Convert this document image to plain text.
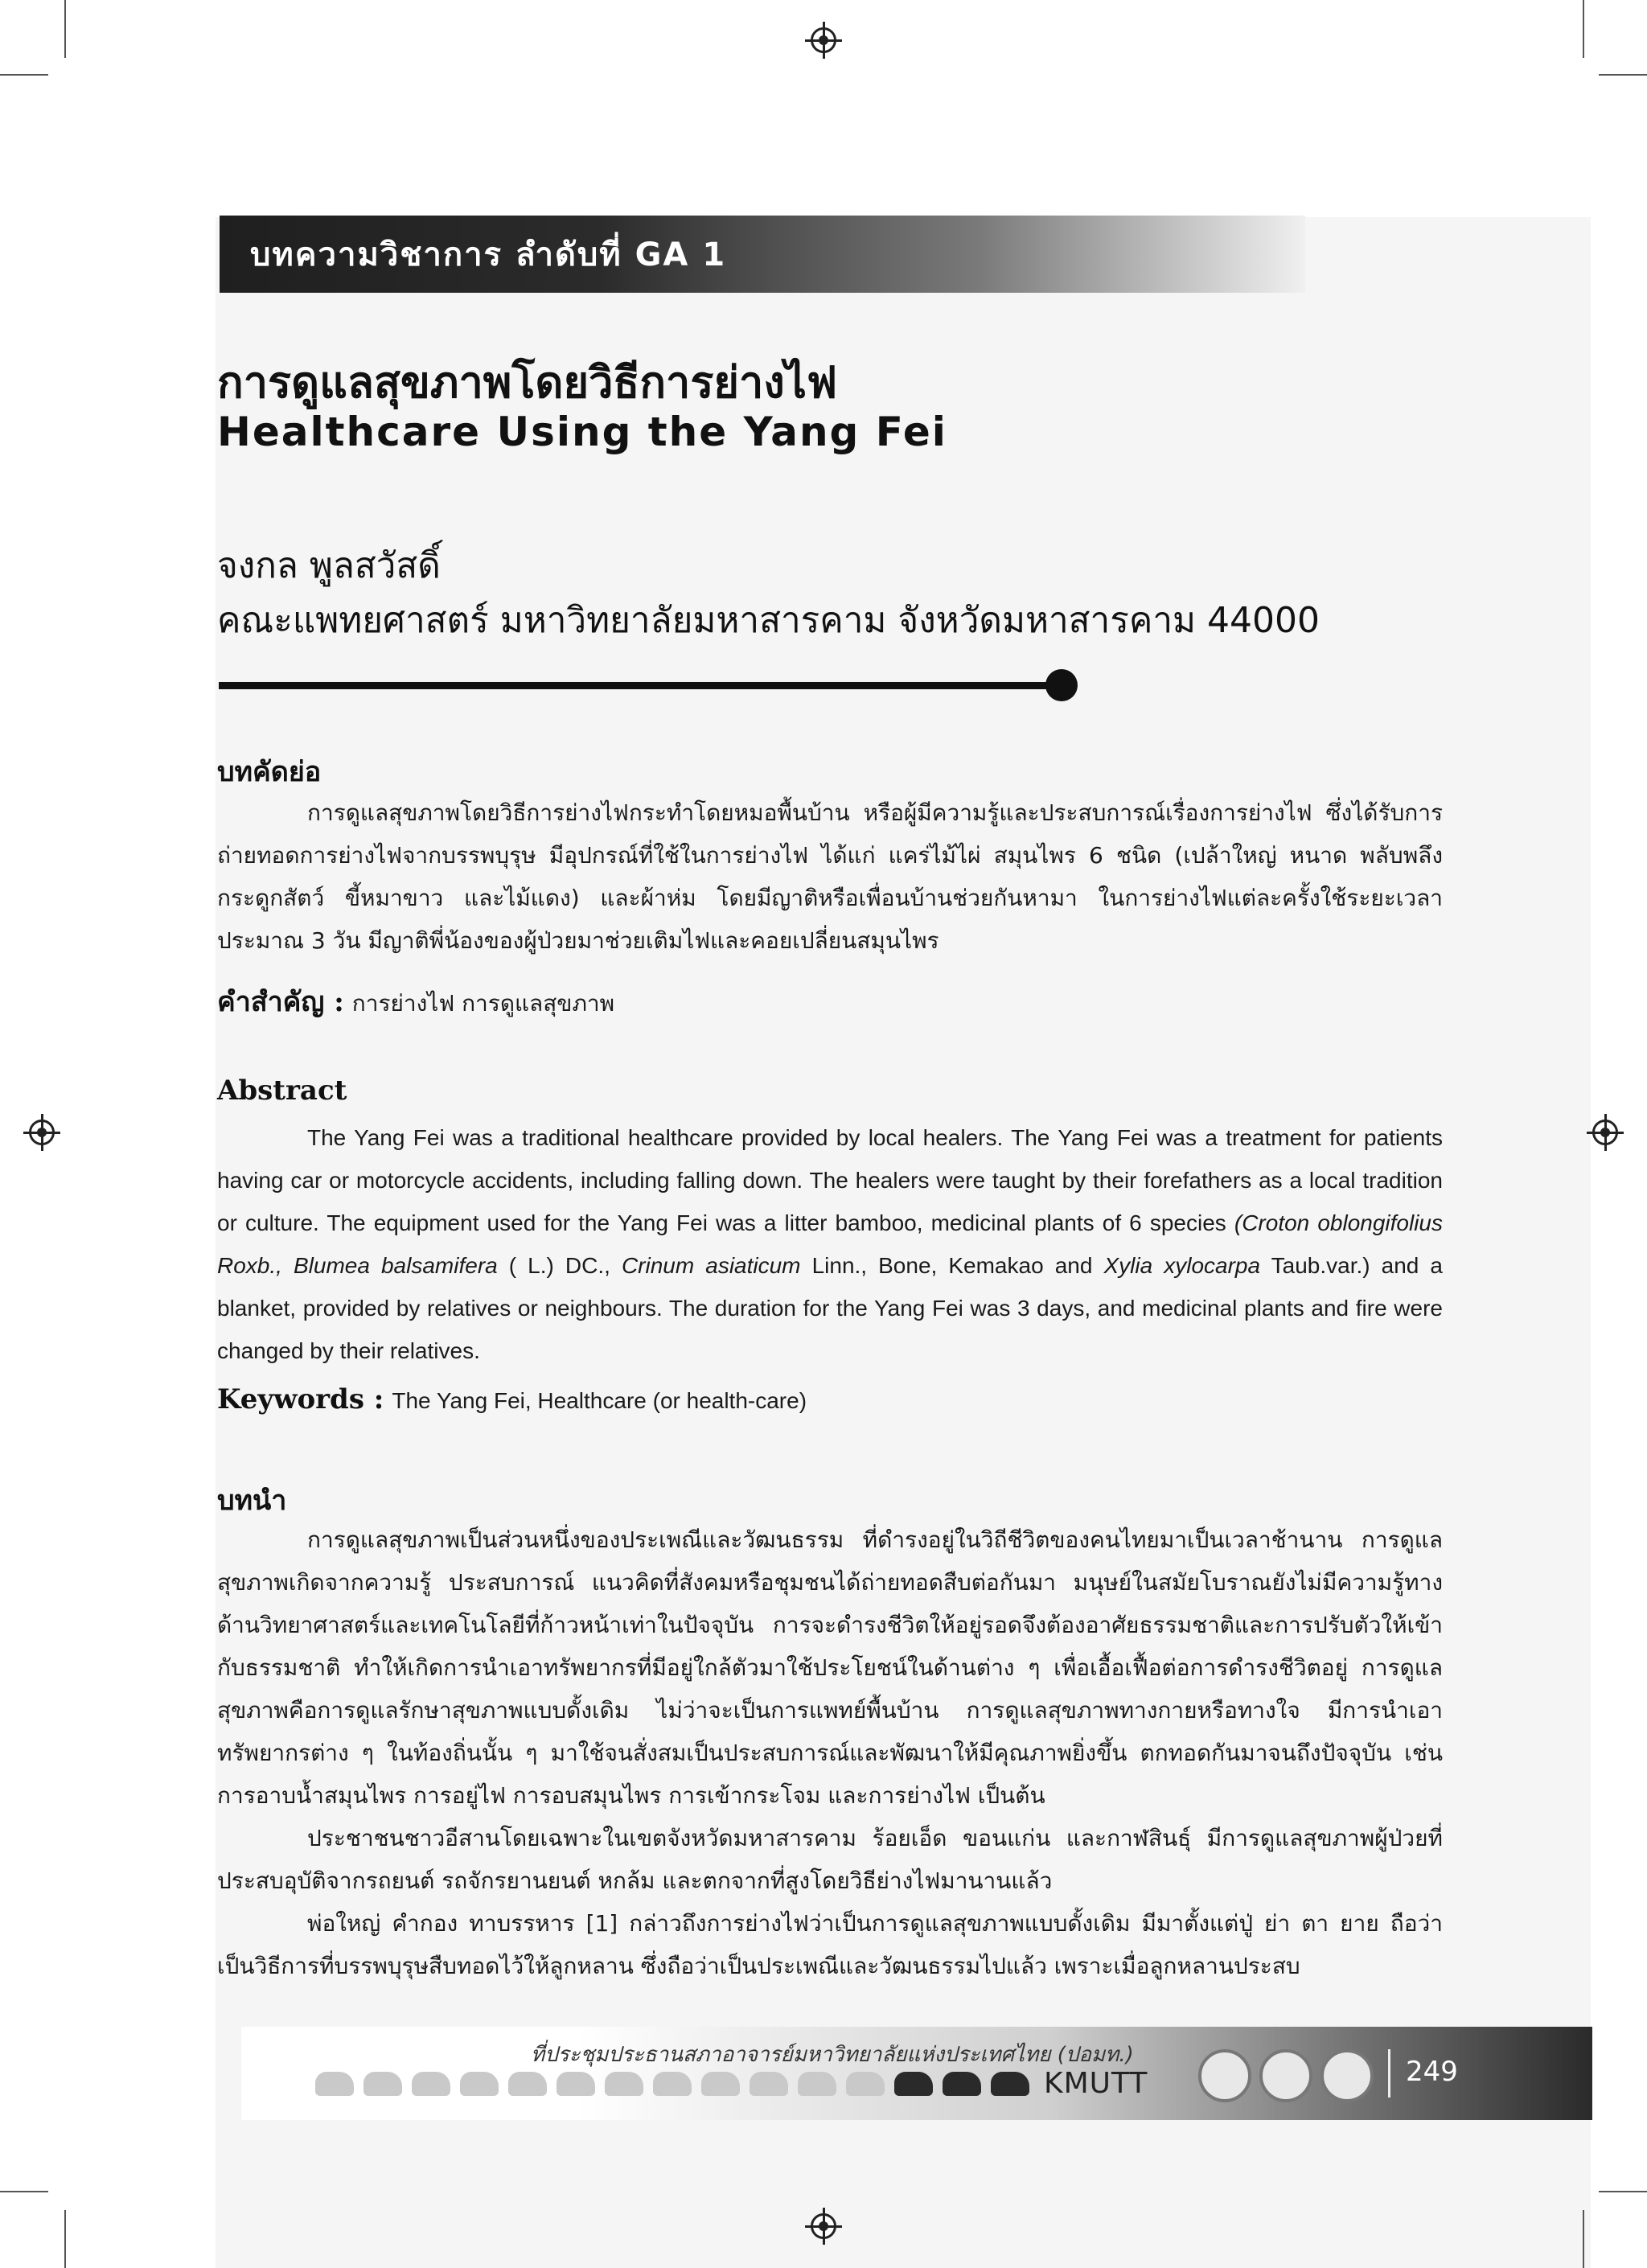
บทความวิชาการ ลำดับที่ GA 1
การดูแลสุขภาพโดยวิธีการย่างไฟ
Healthcare Using the Yang Fei
จงกล พูลสวัสดิ์
คณะแพทยศาสตร์ มหาวิทยาลัยมหาสารคาม จังหวัดมหาสารคาม 44000
บทคัดย่อ
การดูแลสุขภาพโดยวิธีการย่างไฟกระทำโดยหมอพื้นบ้าน หรือผู้มีความรู้และประสบการณ์เรื่องการย่างไฟ ซึ่งได้รับการถ่ายทอดการย่างไฟจากบรรพบุรุษ มีอุปกรณ์ที่ใช้ในการย่างไฟ ได้แก่ แคร่ไม้ไผ่ สมุนไพร 6 ชนิด (เปล้าใหญ่ หนาด พลับพลึง กระดูกสัตว์ ขี้หมาขาว และไม้แดง) และผ้าห่ม โดยมีญาติหรือเพื่อนบ้านช่วยกันหามา ในการย่างไฟแต่ละครั้งใช้ระยะเวลาประมาณ 3 วัน มีญาติพี่น้องของผู้ป่วยมาช่วยเติมไฟและคอยเปลี่ยนสมุนไพร
คำสำคัญ : การย่างไฟ การดูแลสุขภาพ
Abstract
The Yang Fei was a traditional healthcare provided by local healers. The Yang Fei was a treatment for patients having car or motorcycle accidents, including falling down. The healers were taught by their forefathers as a local tradition or culture. The equipment used for the Yang Fei was a litter bamboo, medicinal plants of 6 species (Croton oblongifolius Roxb., Blumea balsamifera ( L.) DC., Crinum asiaticum Linn., Bone, Kemakao and Xylia xylocarpa Taub.var.) and a blanket, provided by relatives or neighbours. The duration for the Yang Fei was 3 days, and medicinal plants and fire were changed by their relatives.
Keywords : The Yang Fei, Healthcare (or health-care)
บทนำ
การดูแลสุขภาพเป็นส่วนหนึ่งของประเพณีและวัฒนธรรม ที่ดำรงอยู่ในวิถีชีวิตของคนไทยมาเป็นเวลาช้านาน การดูแลสุขภาพเกิดจากความรู้ ประสบการณ์ แนวคิดที่สังคมหรือชุมชนได้ถ่ายทอดสืบต่อกันมา มนุษย์ในสมัยโบราณยังไม่มีความรู้ทางด้านวิทยาศาสตร์และเทคโนโลยีที่ก้าวหน้าเท่าในปัจจุบัน การจะดำรงชีวิตให้อยู่รอดจึงต้องอาศัยธรรมชาติและการปรับตัวให้เข้ากับธรรมชาติ ทำให้เกิดการนำเอาทรัพยากรที่มีอยู่ใกล้ตัวมาใช้ประโยชน์ในด้านต่าง ๆ เพื่อเอื้อเฟื้อต่อการดำรงชีวิตอยู่ การดูแลสุขภาพคือการดูแลรักษาสุขภาพแบบดั้งเดิม ไม่ว่าจะเป็นการแพทย์พื้นบ้าน การดูแลสุขภาพทางกายหรือทางใจ มีการนำเอาทรัพยากรต่าง ๆ ในท้องถิ่นนั้น ๆ มาใช้จนสั่งสมเป็นประสบการณ์และพัฒนาให้มีคุณภาพยิ่งขึ้น ตกทอดกันมาจนถึงปัจจุบัน เช่น การอาบน้ำสมุนไพร การอยู่ไฟ การอบสมุนไพร การเข้ากระโจม และการย่างไฟ เป็นต้น
ประชาชนชาวอีสานโดยเฉพาะในเขตจังหวัดมหาสารคาม ร้อยเอ็ด ขอนแก่น และกาฬสินธุ์ มีการดูแลสุขภาพผู้ป่วยที่ประสบอุบัติจากรถยนต์ รถจักรยานยนต์ หกล้ม และตกจากที่สูงโดยวิธีย่างไฟมานานแล้ว
พ่อใหญ่ คำกอง ทาบรรหาร [1] กล่าวถึงการย่างไฟว่าเป็นการดูแลสุขภาพแบบดั้งเดิม มีมาตั้งแต่ปู่ ย่า ตา ยาย ถือว่าเป็นวิธีการที่บรรพบุรุษสืบทอดไว้ให้ลูกหลาน ซึ่งถือว่าเป็นประเพณีและวัฒนธรรมไปแล้ว เพราะเมื่อลูกหลานประสบ
ที่ประชุมประธานสภาอาจารย์มหาวิทยาลัยแห่งประเทศไทย (ปอมท.)
KMUTT	249
